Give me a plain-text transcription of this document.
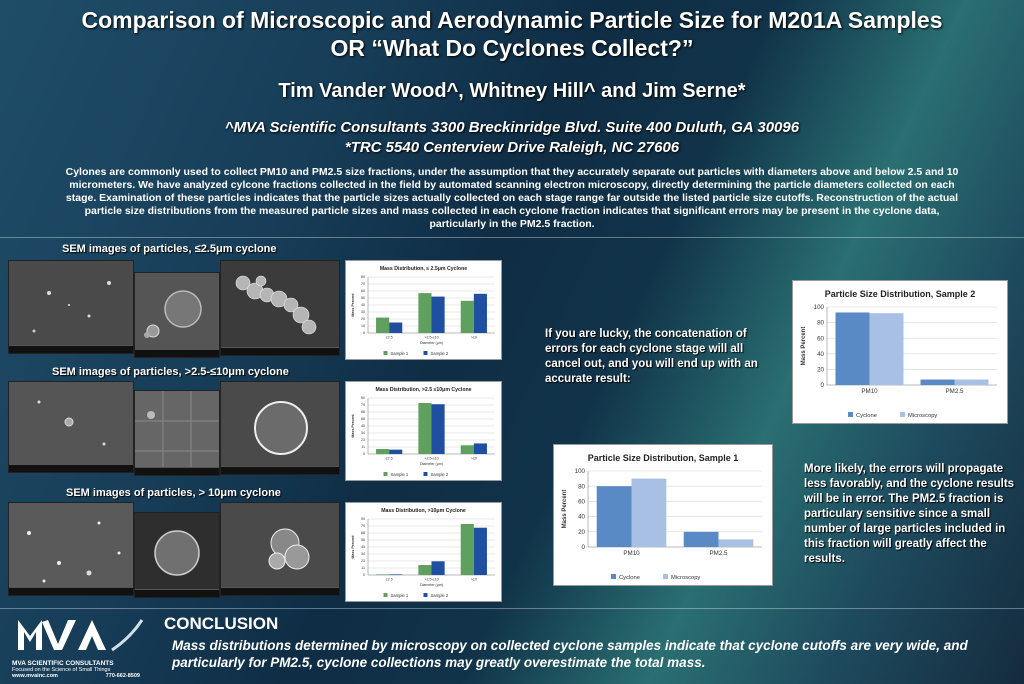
Comparison of Microscopic and Aerodynamic Particle Size for M201A Samples
OR “What Do Cyclones Collect?”
Tim Vander Wood^, Whitney Hill^ and Jim Serne*
^MVA Scientific Consultants 3300 Breckinridge Blvd. Suite 400 Duluth, GA 30096
*TRC 5540 Centerview Drive Raleigh, NC 27606
Cylones are commonly used to collect PM10 and PM2.5 size fractions, under the assumption that they accurately separate out particles with diameters above and below 2.5 and 10 micrometers. We have analyzed cylcone fractions collected in the field by automated scanning electron microscopy, directly determining the particle diameters collected on each stage. Examination of these particles indicates that the particle sizes actually collected on each stage range far outside the listed particle size cutoffs. Reconstruction of the actual particle size distributions from the measured particle sizes and mass collected in each cyclone fraction indicates that significant errors may be present in the cyclone data, particularly in the PM2.5 fraction.
SEM images of particles, ≤2.5μm cyclone
SEM images of particles, >2.5-≤10μm cyclone
SEM images of particles, > 10μm cyclone
Mass Distribution, ≤ 2.5μm Cyclone
0
10
20
30
40
50
60
70
80
Mass Percent
≤2.5	>2.5-≤10	>10
Diameter (μm)
Sample 1	Sample 2
Mass Distribution, >2.5 ≤10μm Cyclone
0
11
23
34
45
56
68
79
90
Mass Percent
≤2.5	>2.5-≤10	>10
Diameter (μm)
Sample 1	Sample 2
Mass Distribution, >10μm Cyclone
0
11
23
34
45
56
68
79
90
Mass Percent
≤2.5	>2.5-≤10	>10
Diameter (μm)
Sample 1	Sample 2
If you are lucky, the concatenation of errors for each cyclone stage will all cancel out, and you will end up with an accurate result:
More likely, the errors will propagate less favorably, and the cyclone results will be in error. The PM2.5 fraction is particulary sensitive since a small number of large particles included in this fraction will greatly affect the results.
Particle Size Distribution, Sample 2
0
20
40
60
80
100
Mass Percent
PM10	PM2.5
Cyclone	Microscopy
Particle Size Distribution, Sample 1
0
20
40
60
80
100
Mass Percent
PM10	PM2.5
Cyclone	Microscopy
CONCLUSION
Mass distributions determined by microscopy on collected cyclone samples indicate that cyclone cutoffs are very wide, and particularly for PM2.5, cyclone collections may greatly overestimate the total mass.
MVA SCIENTIFIC CONSULTANTS
Focused on the Science of Small Things
www.mvainc.com	770-662-8509
